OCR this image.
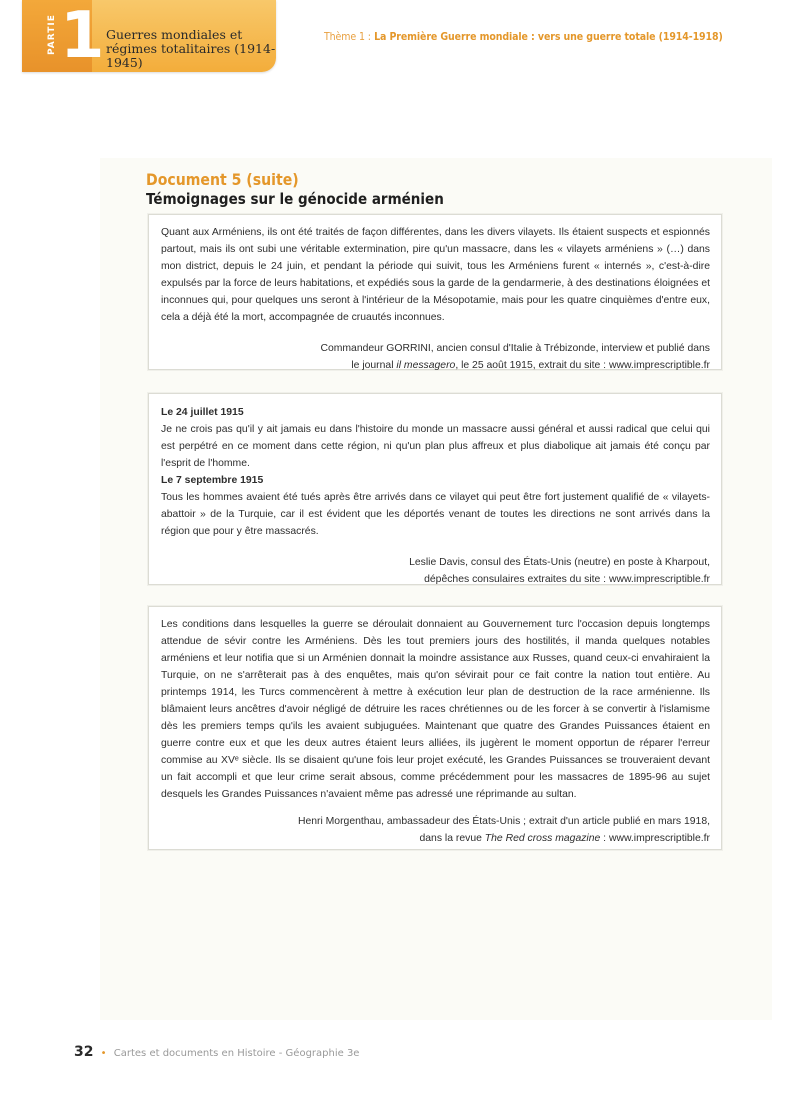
PARTIE 1 Guerres mondiales et régimes totalitaires (1914-1945)
Thème 1 : La Première Guerre mondiale : vers une guerre totale (1914-1918)
Document 5 (suite)
Témoignages sur le génocide arménien

Quant aux Arméniens, ils ont été traités de façon différentes, dans les divers vilayets. Ils étaient suspects et espionnés partout, mais ils ont subi une véritable extermination, pire qu'un massacre, dans les « vilayets arméniens » (…) dans mon district, depuis le 24 juin, et pendant la période qui suivit, tous les Arméniens furent « internés », c'est-à-dire expulsés par la force de leurs habitations, et expédiés sous la garde de la gendarmerie, à des destinations éloignées et inconnues qui, pour quelques uns seront à l'intérieur de la Mésopotamie, mais pour les quatre cinquièmes d'entre eux, cela a déjà été la mort, accompagnée de cruautés inconnues.

Commandeur GORRINI, ancien consul d'Italie à Trébizonde, interview et publié dans

le journal il messagero, le 25 août 1915, extrait du site : www.imprescriptible.fr

Le 24 juillet 1915

Je ne crois pas qu'il y ait jamais eu dans l'histoire du monde un massacre aussi général et aussi radical que celui qui est perpétré en ce moment dans cette région, ni qu'un plan plus affreux et plus diabolique ait jamais été conçu par l'esprit de l'homme.

Le 7 septembre 1915

Tous les hommes avaient été tués après être arrivés dans ce vilayet qui peut être fort justement qualifié de « vilayets-abattoir » de la Turquie, car il est évident que les déportés venant de toutes les directions ne sont arrivés dans la région que pour y être massacrés.

Leslie Davis, consul des États-Unis (neutre) en poste à Kharpout,

dépêches consulaires extraites du site : www.imprescriptible.fr

Les conditions dans lesquelles la guerre se déroulait donnaient au Gouvernement turc l'occasion depuis longtemps attendue de sévir contre les Arméniens. Dès les tout premiers jours des hostilités, il manda quelques notables arméniens et leur notifia que si un Arménien donnait la moindre assistance aux Russes, quand ceux-ci envahiraient la Turquie, on ne s'arrêterait pas à des enquêtes, mais qu'on sévirait pour ce fait contre la nation tout entière. Au printemps 1914, les Turcs commencèrent à mettre à exécution leur plan de destruction de la race arménienne. Ils blâmaient leurs ancêtres d'avoir négligé de détruire les races chrétiennes ou de les forcer à se convertir à l'islamisme dès les premiers temps qu'ils les avaient subjuguées. Maintenant que quatre des Grandes Puissances étaient en guerre contre eux et que les deux autres étaient leurs alliées, ils jugèrent le moment opportun de réparer l'erreur commise au XVᵉ siècle. Ils se disaient qu'une fois leur projet exécuté, les Grandes Puissances se trouveraient devant un fait accompli et que leur crime serait absous, comme précédemment pour les massacres de 1895-96 au sujet desquels les Grandes Puissances n'avaient même pas adressé une réprimande au sultan.

Henri Morgenthau, ambassadeur des États-Unis ; extrait d'un article publié en mars 1918,

dans la revue The Red cross magazine : www.imprescriptible.fr

32 • Cartes et documents en Histoire - Géographie 3e
